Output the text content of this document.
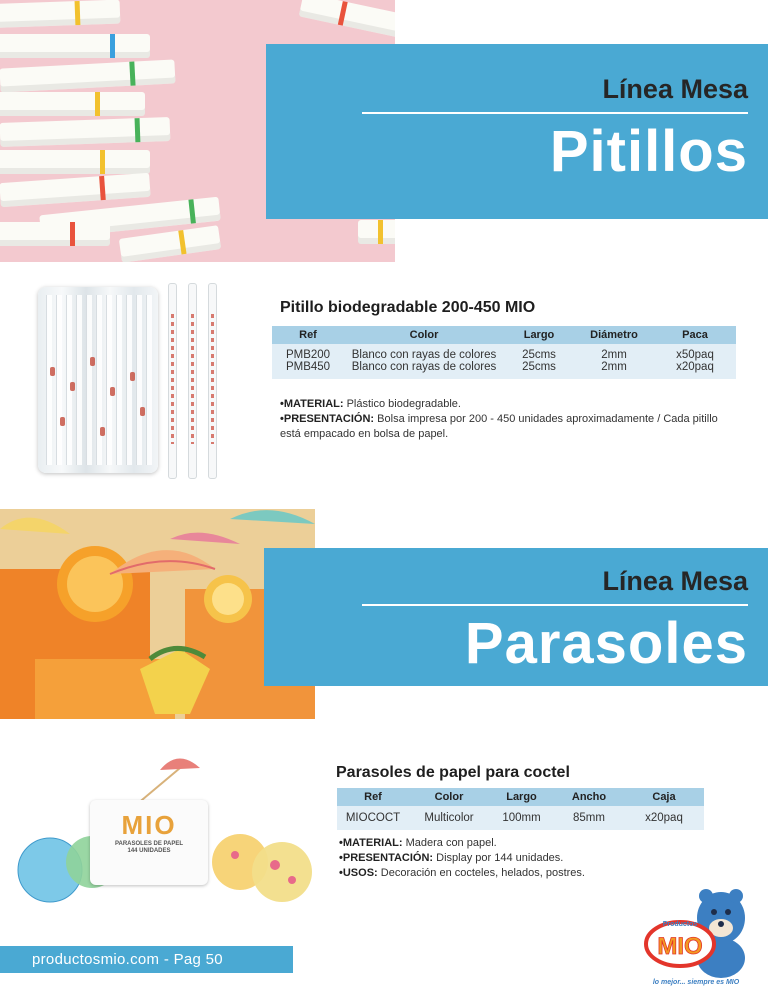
Línea Mesa
Pitillos
Pitillo biodegradable 200-450 MIO
Ref	Color	Largo	Diámetro	Paca
PMB200	Blanco con rayas de colores	25cms	2mm	x50paq
PMB450	Blanco con rayas de colores	25cms	2mm	x20paq
•MATERIAL: Plástico biodegradable.
•PRESENTACIÓN: Bolsa impresa por 200 - 450 unidades aproximadamente / Cada pitillo está empacado en bolsa de papel.
Línea Mesa
Parasoles
MIO
PARASOLES DE PAPEL
144 UNIDADES
Parasoles de papel para coctel
Ref	Color	Largo	Ancho	Caja
MIOCOCT	Multicolor	100mm	85mm	x20paq
•MATERIAL: Madera con papel.
•PRESENTACIÓN: Display por 144 unidades.
•USOS: Decoración en cocteles, helados, postres.
productosmio.com - Pag 50
Productos
MIO
lo mejor... siempre es MIO
